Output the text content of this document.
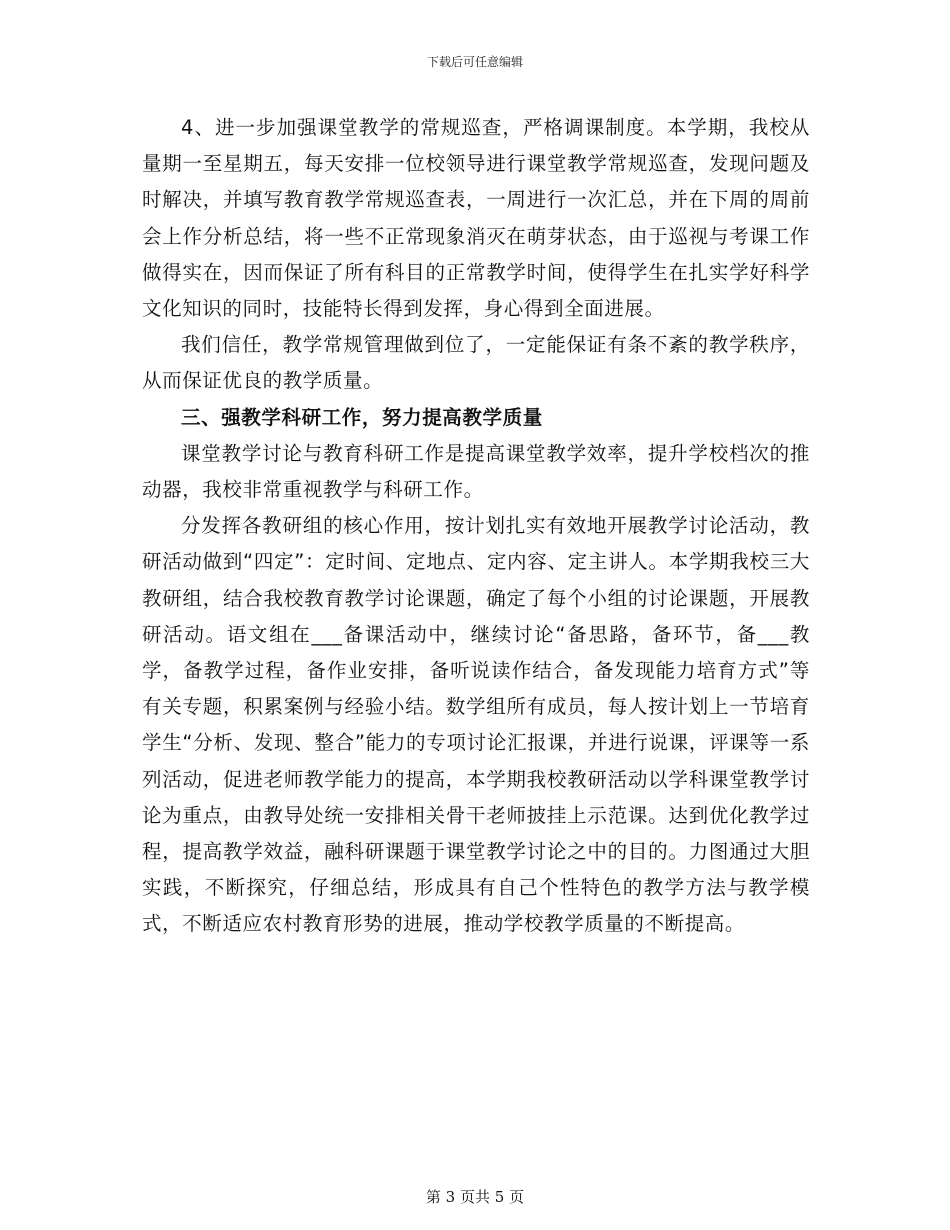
下载后可任意编辑

4、进一步加强课堂教学的常规巡查，严格调课制度。本学期，我校从量期一至星期五，每天安排一位校领导进行课堂教学常规巡查，发现问题及时解决，并填写教育教学常规巡查表，一周进行一次汇总，并在下周的周前会上作分析总结，将一些不正常现象消灭在萌芽状态，由于巡视与考课工作做得实在，因而保证了所有科目的正常教学时间，使得学生在扎实学好科学文化知识的同时，技能特长得到发挥，身心得到全面进展。

我们信任，教学常规管理做到位了，一定能保证有条不紊的教学秩序，从而保证优良的教学质量。

三、强教学科研工作，努力提高教学质量

课堂教学讨论与教育科研工作是提高课堂教学效率，提升学校档次的推动器，我校非常重视教学与科研工作。

分发挥各教研组的核心作用，按计划扎实有效地开展教学讨论活动，教研活动做到“四定”：定时间、定地点、定内容、定主讲人。本学期我校三大教研组，结合我校教育教学讨论课题，确定了每个小组的讨论课题，开展教研活动。语文组在___备课活动中，继续讨论“备思路，备环节，备___教学，备教学过程，备作业安排，备听说读作结合，备发现能力培育方式”等有关专题，积累案例与经验小结。数学组所有成员，每人按计划上一节培育学生“分析、发现、整合”能力的专项讨论汇报课，并进行说课，评课等一系列活动，促进老师教学能力的提高，本学期我校教研活动以学科课堂教学讨论为重点，由教导处统一安排相关骨干老师披挂上示范课。达到优化教学过程，提高教学效益，融科研课题于课堂教学讨论之中的目的。力图通过大胆实践，不断探究，仔细总结，形成具有自己个性特色的教学方法与教学模式，不断适应农村教育形势的进展，推动学校教学质量的不断提高。

第 3 页共 5 页
